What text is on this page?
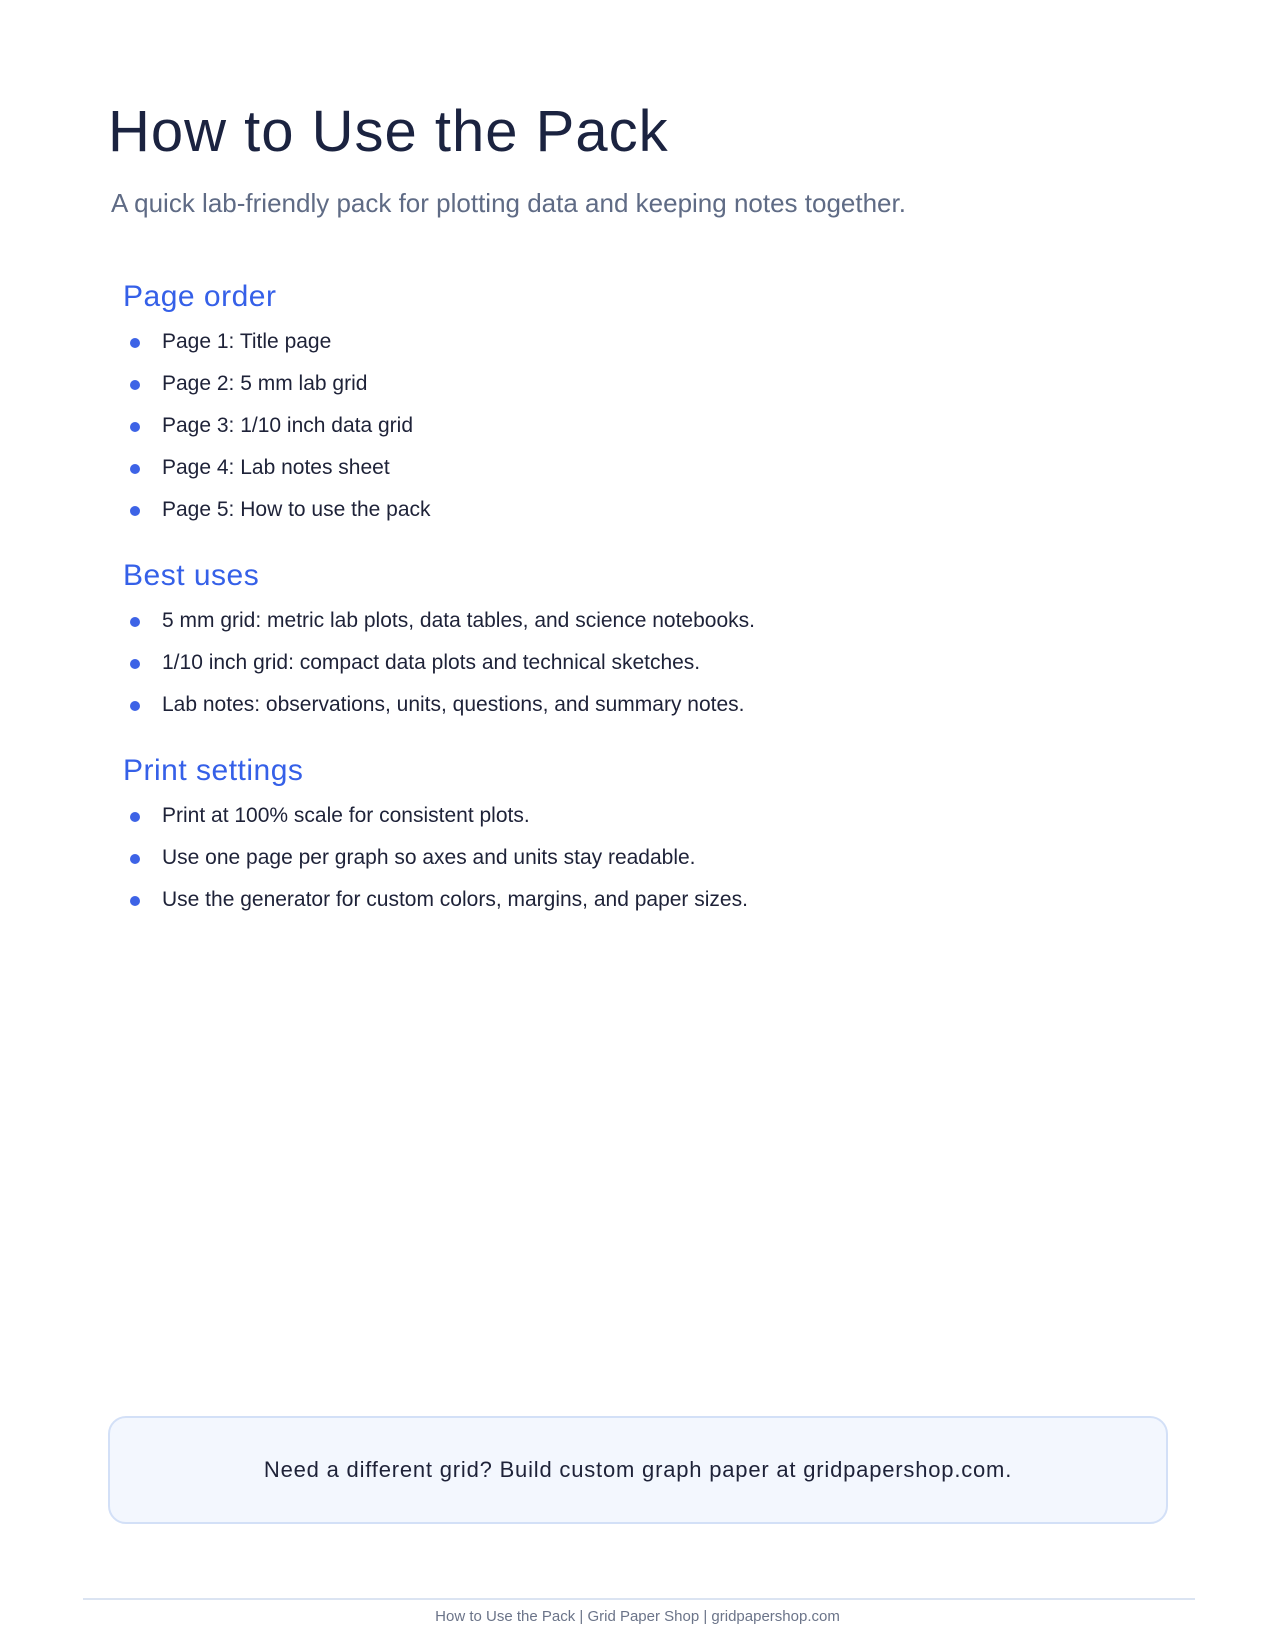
How to Use the Pack

A quick lab-friendly pack for plotting data and keeping notes together.

Page order
Page 1: Title page
Page 2: 5 mm lab grid
Page 3: 1/10 inch data grid
Page 4: Lab notes sheet
Page 5: How to use the pack
Best uses
5 mm grid: metric lab plots, data tables, and science notebooks.
1/10 inch grid: compact data plots and technical sketches.
Lab notes: observations, units, questions, and summary notes.
Print settings
Print at 100% scale for consistent plots.
Use one page per graph so axes and units stay readable.
Use the generator for custom colors, margins, and paper sizes.
Need a different grid? Build custom graph paper at gridpapershop.com.
How to Use the Pack | Grid Paper Shop | gridpapershop.com
